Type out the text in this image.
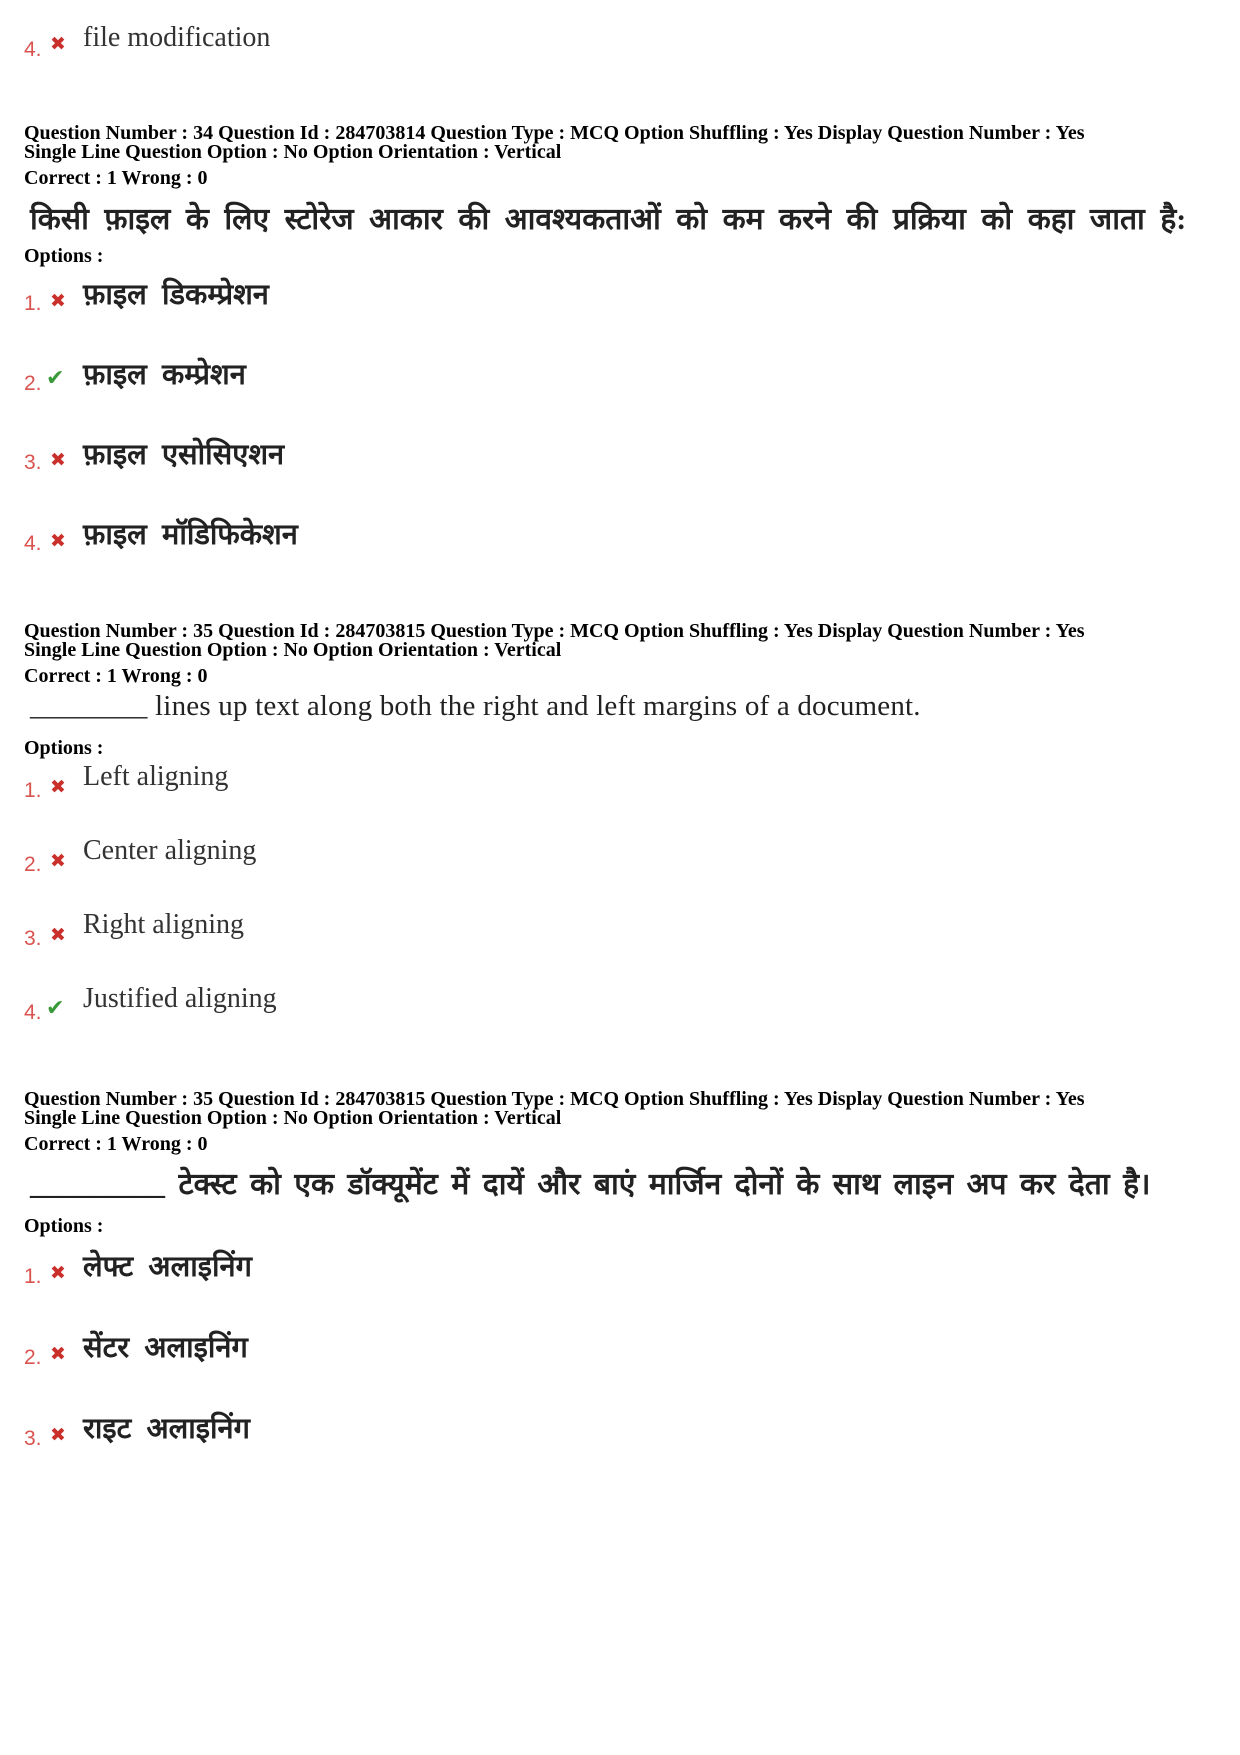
4. ✖ file modification
Question Number : 34 Question Id : 284703814 Question Type : MCQ Option Shuffling : Yes Display Question Number : Yes
Single Line Question Option : No Option Orientation : Vertical
Correct : 1 Wrong : 0
किसी फ़ाइल के लिए स्टोरेज आकार की आवश्यकताओं को कम करने की प्रक्रिया को कहा जाता है:
Options :
1. ✖ फ़ाइल डिकम्प्रेशन
2. ✔ फ़ाइल कम्प्रेशन
3. ✖ फ़ाइल एसोसिएशन
4. ✖ फ़ाइल मॉडिफिकेशन
Question Number : 35 Question Id : 284703815 Question Type : MCQ Option Shuffling : Yes Display Question Number : Yes
Single Line Question Option : No Option Orientation : Vertical
Correct : 1 Wrong : 0
________ lines up text along both the right and left margins of a document.
Options :
1. ✖ Left aligning
2. ✖ Center aligning
3. ✖ Right aligning
4. ✔ Justified aligning
Question Number : 35 Question Id : 284703815 Question Type : MCQ Option Shuffling : Yes Display Question Number : Yes
Single Line Question Option : No Option Orientation : Vertical
Correct : 1 Wrong : 0
_________ टेक्स्ट को एक डॉक्यूमेंट में दायें और बाएं मार्जिन दोनों के साथ लाइन अप कर देता है।
Options :
1. ✖ लेफ्ट अलाइनिंग
2. ✖ सेंटर अलाइनिंग
3. ✖ राइट अलाइनिंग
